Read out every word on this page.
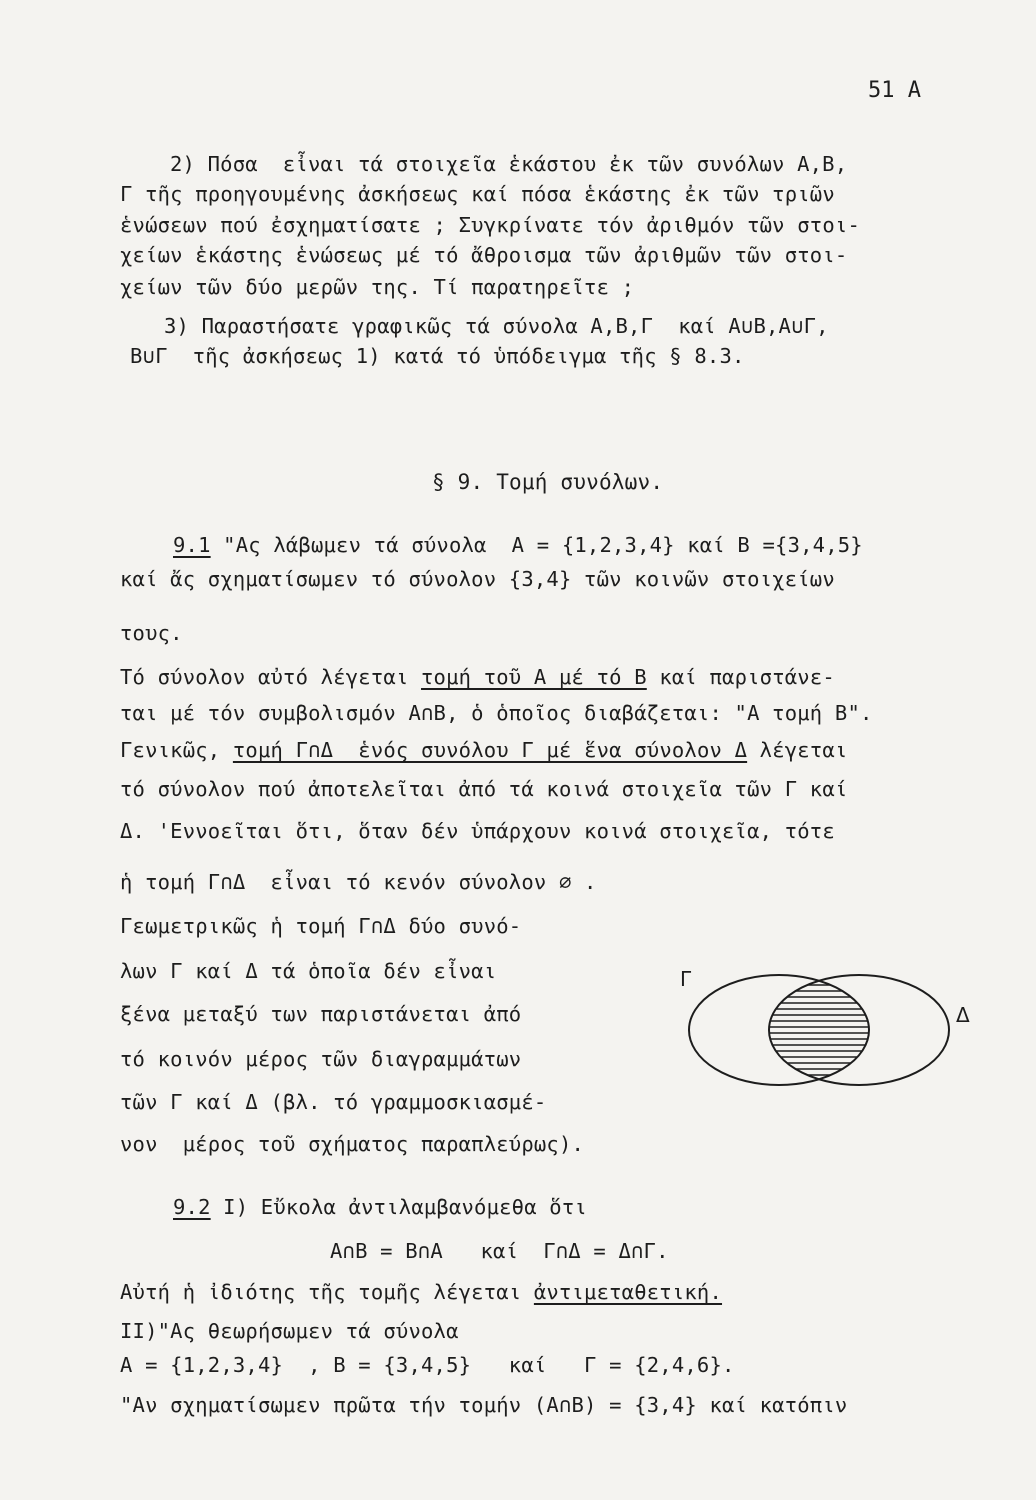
51 A
2) Πόσα  εἶναι τά στοιχεῖα ἑκάστου ἐκ τῶν συνόλων Α,Β,
Γ τῆς προηγουμένης ἀσκήσεως καί πόσα ἑκάστης ἐκ τῶν τριῶν
ἑνώσεων πού ἐσχηματίσατε ; Συγκρίνατε τόν ἀριθμόν τῶν στοι-
χείων ἑκάστης ἑνώσεως μέ τό ἄθροισμα τῶν ἀριθμῶν τῶν στοι-
χείων τῶν δύο μερῶν της. Τί παρατηρεῖτε ;
3) Παραστήσατε γραφικῶς τά σύνολα Α,Β,Γ  καί Α∪Β,Α∪Γ,
Β∪Γ  τῆς ἀσκήσεως 1) κατά τό ὑπόδειγμα τῆς § 8.3.
§ 9. Τομή συνόλων.
9.1 "Ας λάβωμεν τά σύνολα  Α = {1,2,3,4} καί Β ={3,4,5}
καί ἄς σχηματίσωμεν τό σύνολον {3,4} τῶν κοινῶν στοιχείων
τους.
Τό σύνολον αὐτό λέγεται τομή τοῦ Α μέ τό Β καί παριστάνε-
ται μέ τόν συμβολισμόν Α∩Β, ὁ ὁποῖος διαβάζεται: "Α τομή Β".
Γενικῶς, τομή Γ∩Δ  ἑνός συνόλου Γ μέ ἕνα σύνολον Δ λέγεται
τό σύνολον πού ἀποτελεῖται ἀπό τά κοινά στοιχεῖα τῶν Γ καί
Δ. 'Εννοεῖται ὅτι, ὅταν δέν ὑπάρχουν κοινά στοιχεῖα, τότε
ἡ τομή Γ∩Δ  εἶναι τό κενόν σύνολον ∅ .
Γεωμετρικῶς ἡ τομή Γ∩Δ δύο συνό-
λων Γ καί Δ τά ὁποῖα δέν εἶναι
ξένα μεταξύ των παριστάνεται ἀπό
τό κοινόν μέρος τῶν διαγραμμάτων
τῶν Γ καί Δ (βλ. τό γραμμοσκιασμέ-
νον  μέρος τοῦ σχήματος παραπλεύρως).
Γ
Δ
9.2 Ι) Εὔκολα ἀντιλαμβανόμεθα ὅτι
Α∩Β = Β∩Α   καί  Γ∩Δ = Δ∩Γ.
Αὐτή ἡ ἰδιότης τῆς τομῆς λέγεται ἀντιμεταθετική.
ΙΙ)"Ας θεωρήσωμεν τά σύνολα
Α = {1,2,3,4}  , Β = {3,4,5}   καί   Γ = {2,4,6}.
"Αν σχηματίσωμεν πρῶτα τήν τομήν (Α∩Β) = {3,4} καί κατόπιν
